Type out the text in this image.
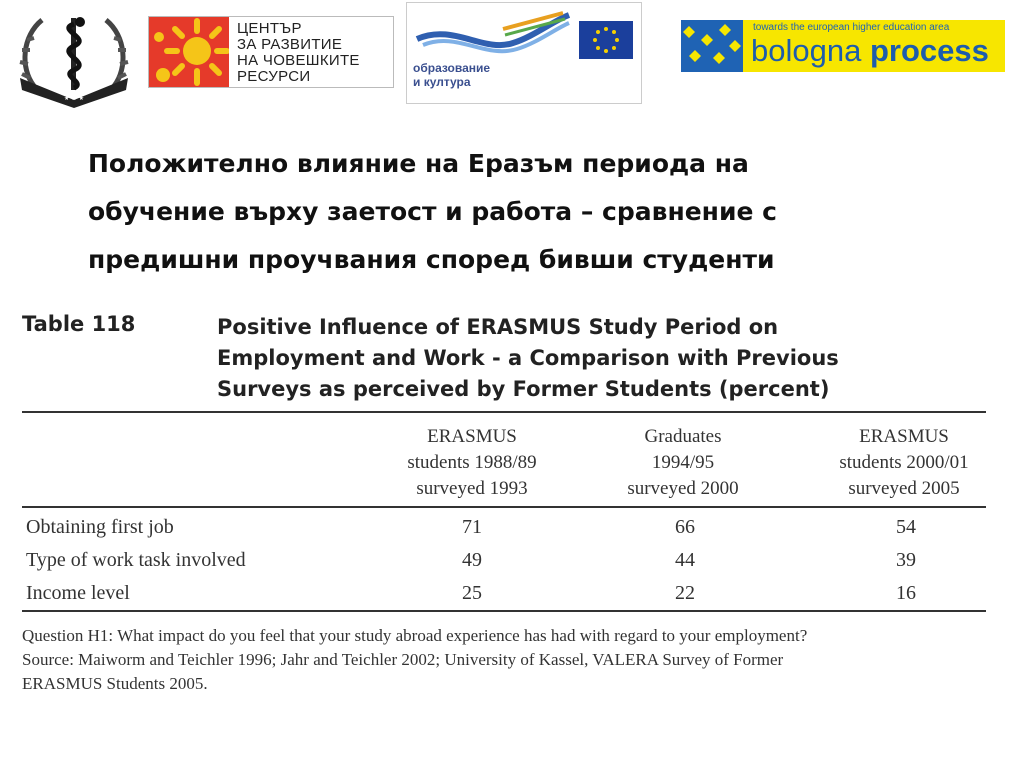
★ ★ ★
ЦЕНТЪР
ЗА РАЗВИТИЕ
НА ЧОВЕШКИТЕ
РЕСУРСИ	образование
и култура
towards the european higher education area
bologna process
Положително влияние на Еразъм периода на
обучение върху заетост и работа – сравнение с
предишни проучвания според бивши студенти
Table 118	Positive Influence of ERASMUS Study Period on
Employment and Work - a Comparison with Previous
Surveys as perceived by Former Students (percent)
ERASMUS
students 1988/89
surveyed 1993
Graduates
1994/95
surveyed 2000
ERASMUS
students 2000/01
surveyed 2005
Obtaining first job	71	66	54
Type of work task involved	49	44	39
Income level	25	22	16
Question H1: What impact do you feel that your study abroad experience has had with regard to your employment?
Source: Maiworm and Teichler 1996; Jahr and Teichler 2002; University of Kassel, VALERA Survey of Former
ERASMUS Students 2005.
